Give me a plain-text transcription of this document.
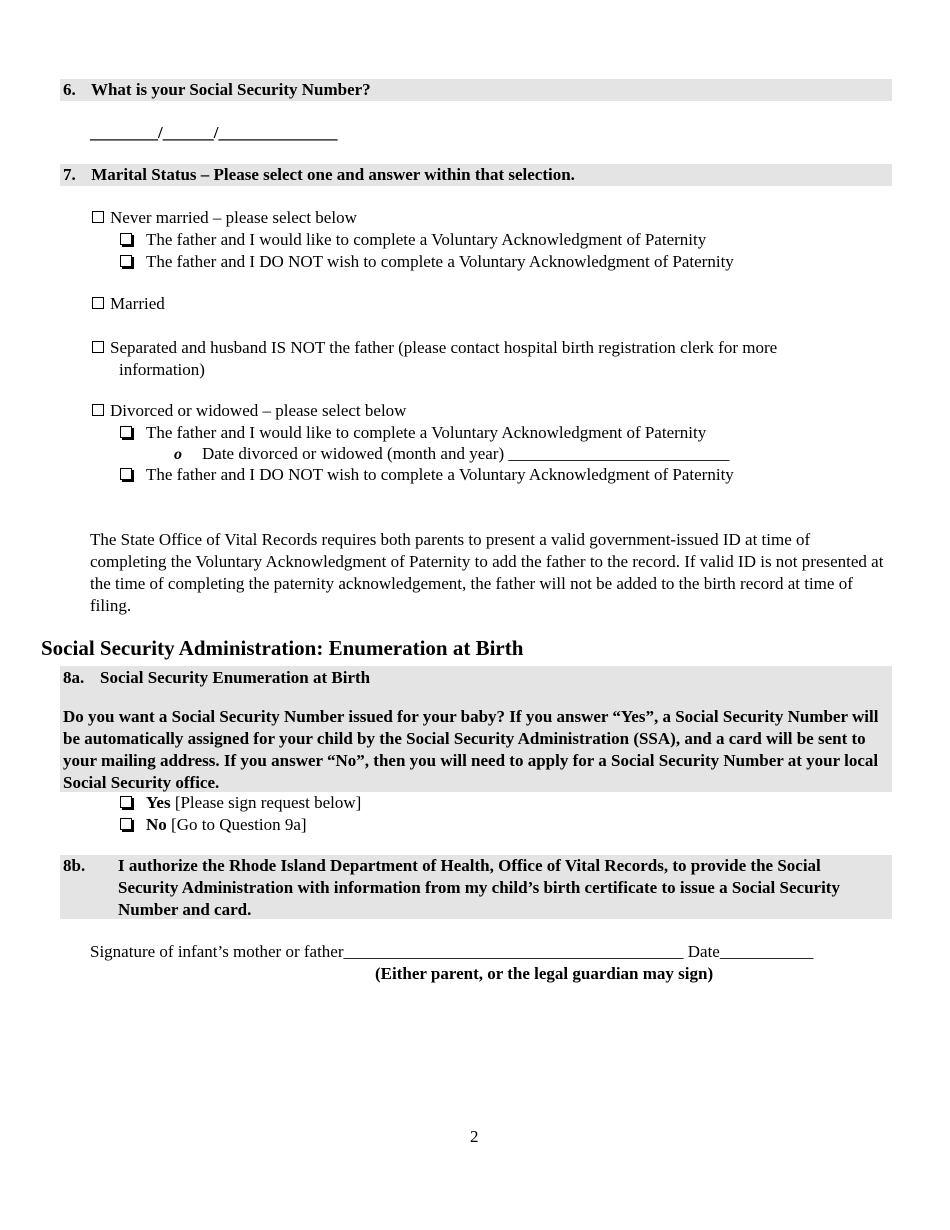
6. What is your Social Security Number?
________/______/______________
7. Marital Status – Please select one and answer within that selection.
Never married – please select below
The father and I would like to complete a Voluntary Acknowledgment of Paternity
The father and I DO NOT wish to complete a Voluntary Acknowledgment of Paternity
Married
Separated and husband IS NOT the father (please contact hospital birth registration clerk for more
information)
Divorced or widowed – please select below
The father and I would like to complete a Voluntary Acknowledgment of Paternity
o Date divorced or widowed (month and year) __________________________
The father and I DO NOT wish to complete a Voluntary Acknowledgment of Paternity
The State Office of Vital Records requires both parents to present a valid government-issued ID at time of completing the Voluntary Acknowledgment of Paternity to add the father to the record. If valid ID is not presented at the time of completing the paternity acknowledgement, the father will not be added to the birth record at time of filing.
Social Security Administration: Enumeration at Birth
8a. Social Security Enumeration at Birth
Do you want a Social Security Number issued for your baby? If you answer “Yes”, a Social Security Number will be automatically assigned for your child by the Social Security Administration (SSA), and a card will be sent to your mailing address. If you answer “No”, then you will need to apply for a Social Security Number at your local Social Security office.
Yes [Please sign request below]
No [Go to Question 9a]
8b. I authorize the Rhode Island Department of Health, Office of Vital Records, to provide the Social Security Administration with information from my child’s birth certificate to issue a Social Security Number and card.
Signature of infant’s mother or father________________________________________ Date___________
(Either parent, or the legal guardian may sign)
2
